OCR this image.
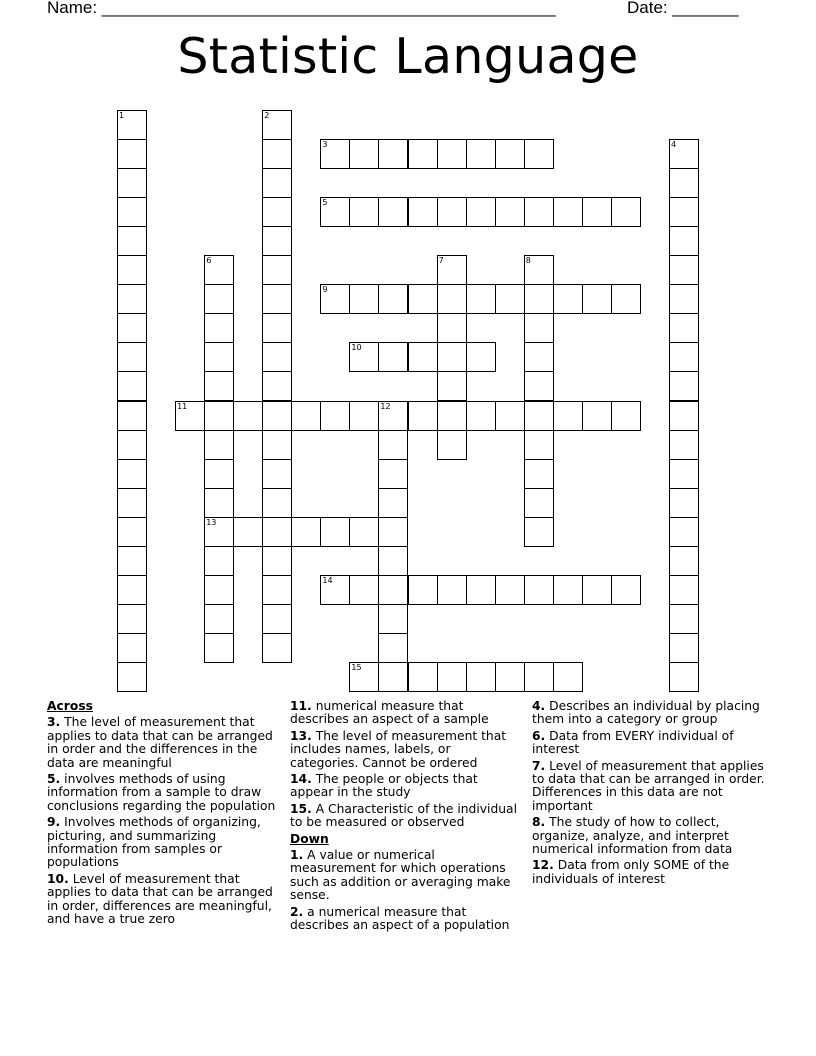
Name: ________________________________________________	Date: _______
Statistic Language
1	2
3	4
5
6
13
7	8
9
10
11	12
14
15
Across
3. The level of measurement that applies to data that can be arranged in order and the differences in the data are meaningful
5. involves methods of using information from a sample to draw conclusions regarding the population
9. Involves methods of organizing, picturing, and summarizing information from samples or populations
10. Level of measurement that applies to data that can be arranged in order, differences are meaningful, and have a true zero
11. numerical measure that describes an aspect of a sample
13. The level of measurement that includes names, labels, or categories. Cannot be ordered
14. The people or objects that appear in the study
15. A Characteristic of the individual to be measured or observed
Down
1. A value or numerical measurement for which operations such as addition or averaging make sense.
2. a numerical measure that describes an aspect of a population
4. Describes an individual by placing them into a category or group
6. Data from EVERY individual of interest
7. Level of measurement that applies to data that can be arranged in order. Differences in this data are not important
8. The study of how to collect, organize, analyze, and interpret numerical information from data
12. Data from only SOME of the individuals of interest
